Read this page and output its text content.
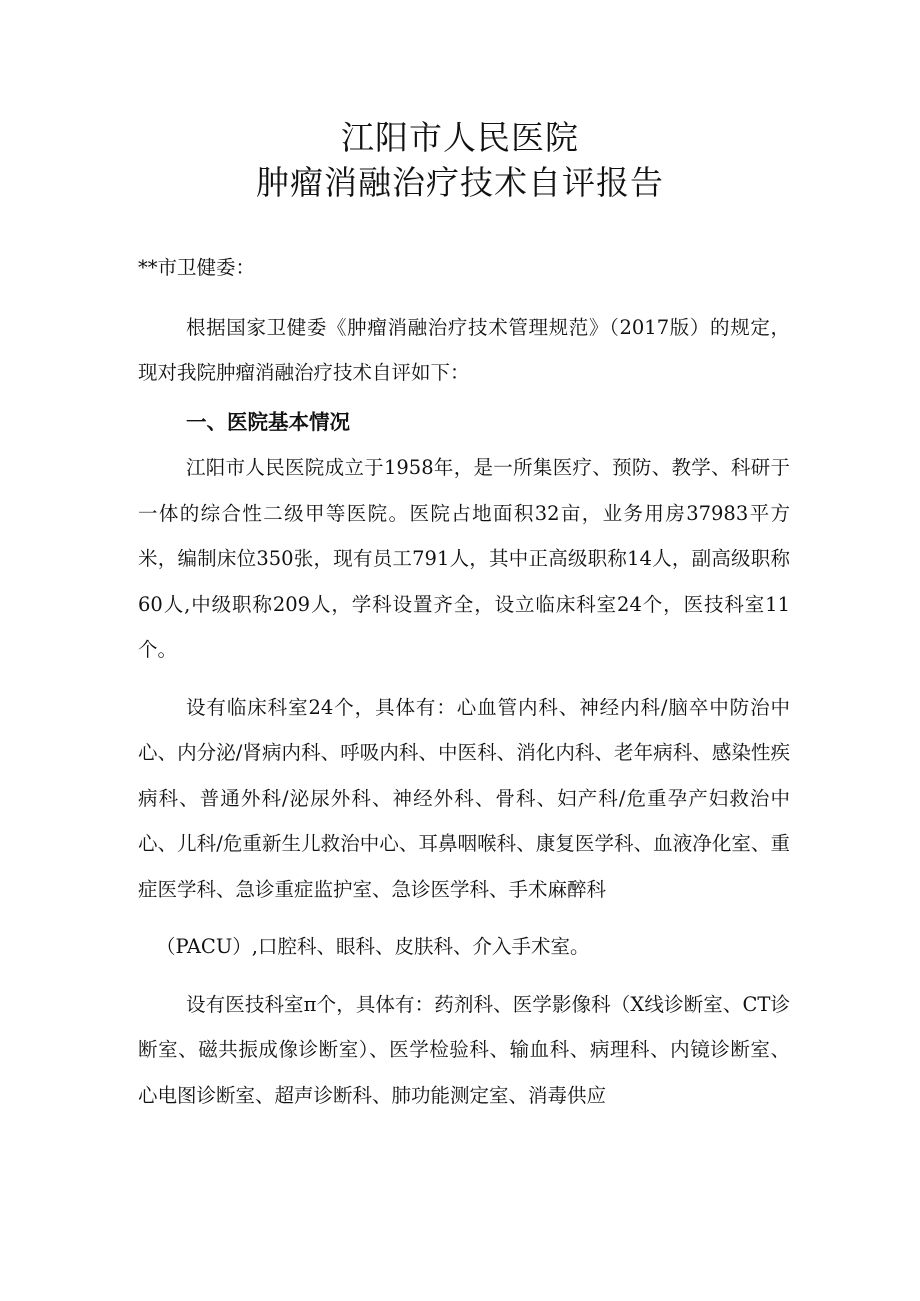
江阳市人民医院
肿瘤消融治疗技术自评报告

**市卫健委：

根据国家卫健委《肿瘤消融治疗技术管理规范》（2017版）的规定，现对我院肿瘤消融治疗技术自评如下：

一、医院基本情况

江阳市人民医院成立于1958年，是一所集医疗、预防、教学、科研于一体的综合性二级甲等医院。医院占地面积32亩，业务用房37983平方米，编制床位350张，现有员工791人，其中正高级职称14人，副高级职称60人,中级职称209人，学科设置齐全，设立临床科室24个，医技科室11个。

设有临床科室24个，具体有：心血管内科、神经内科/脑卒中防治中心、内分泌/肾病内科、呼吸内科、中医科、消化内科、老年病科、感染性疾病科、普通外科/泌尿外科、神经外科、骨科、妇产科/危重孕产妇救治中心、儿科/危重新生儿救治中心、耳鼻咽喉科、康复医学科、血液净化室、重症医学科、急诊重症监护室、急诊医学科、手术麻醉科

（PACU）,口腔科、眼科、皮肤科、介入手术室。

设有医技科室π个，具体有：药剂科、医学影像科（X线诊断室、CT诊断室、磁共振成像诊断室）、医学检验科、输血科、病理科、内镜诊断室、心电图诊断室、超声诊断科、肺功能测定室、消毒供应
